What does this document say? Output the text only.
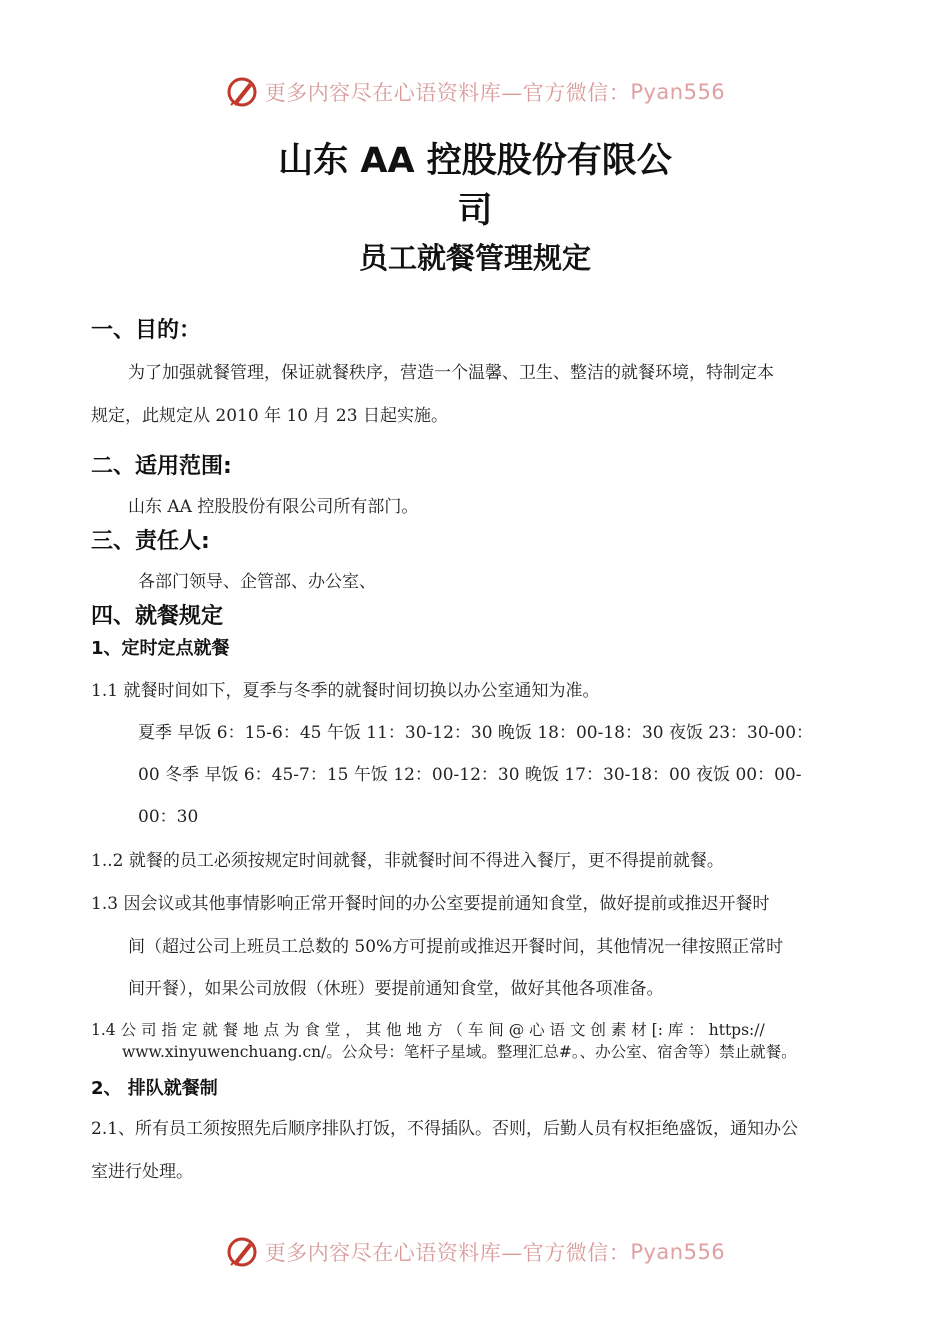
更多内容尽在心语资料库—官方微信： Pyan556
山东 AA 控股股份有限公
司
员工就餐管理规定
一、目的：
为了加强就餐管理，保证就餐秩序，营造一个温馨、卫生、整洁的就餐环境，特制定本
规定，此规定从 2010 年 10 月 23 日起实施。
二、适用范围:
山东 AA 控股股份有限公司所有部门。
三、责任人:
各部门领导、企管部、办公室、
四、就餐规定
1、定时定点就餐
1.1 就餐时间如下，夏季与冬季的就餐时间切换以办公室通知为准。
夏季 早饭 6：15-6：45 午饭 11：30-12：30 晚饭 18：00-18：30 夜饭 23：30-00：
00 冬季 早饭 6：45-7：15 午饭 12：00-12：30 晚饭 17：30-18：00 夜饭 00：00-
00：30
1..2 就餐的员工必须按规定时间就餐，非就餐时间不得进入餐厅，更不得提前就餐。
1.3 因会议或其他事情影响正常开餐时间的办公室要提前通知食堂，做好提前或推迟开餐时
间（超过公司上班员工总数的 50%方可提前或推迟开餐时间，其他情况一律按照正常时
间开餐），如果公司放假（休班）要提前通知食堂，做好其他各项准备。
1.4 公 司 指 定 就 餐 地 点 为 食 堂 ， 其 他 地 方 （ 车 间 @ 心 语 文 创 素 材 [: 库 ： https://
www.xinyuwenchuang.cn/。公众号：笔杆子星域。整理汇总#。、办公室、宿舍等）禁止就餐。
2、 排队就餐制
2.1、所有员工须按照先后顺序排队打饭，不得插队。否则，后勤人员有权拒绝盛饭，通知办公
室进行处理。
更多内容尽在心语资料库—官方微信： Pyan556
